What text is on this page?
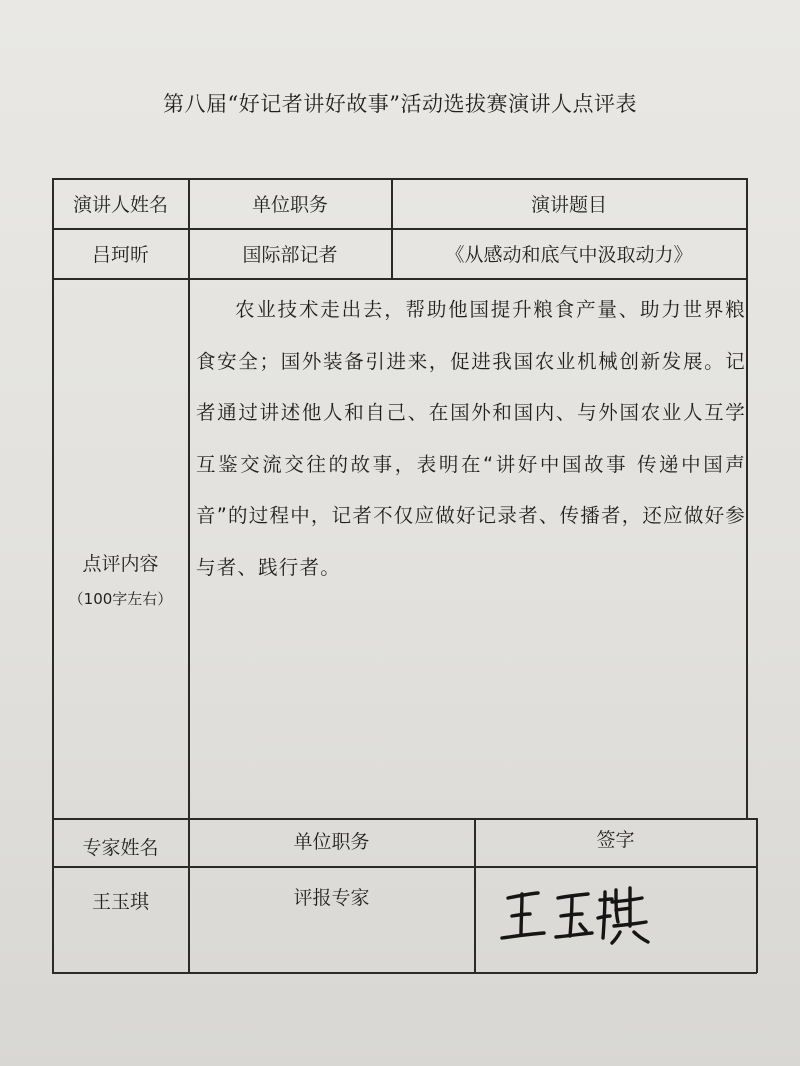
第八届“好记者讲好故事”活动选拔赛演讲人点评表
演讲人姓名	单位职务	演讲题目
吕珂昕	国际部记者	《从感动和底气中汲取动力》
点评内容
（100字左右）
农业技术走出去，帮助他国提升粮食产量、助力世界粮食安全；国外装备引进来，促进我国农业机械创新发展。记者通过讲述他人和自己、在国外和国内、与外国农业人互学互鉴交流交往的故事，表明在“讲好中国故事 传递中国声音”的过程中，记者不仅应做好记录者、传播者，还应做好参与者、践行者。
专家姓名	单位职务	签字
王玉琪	评报专家
